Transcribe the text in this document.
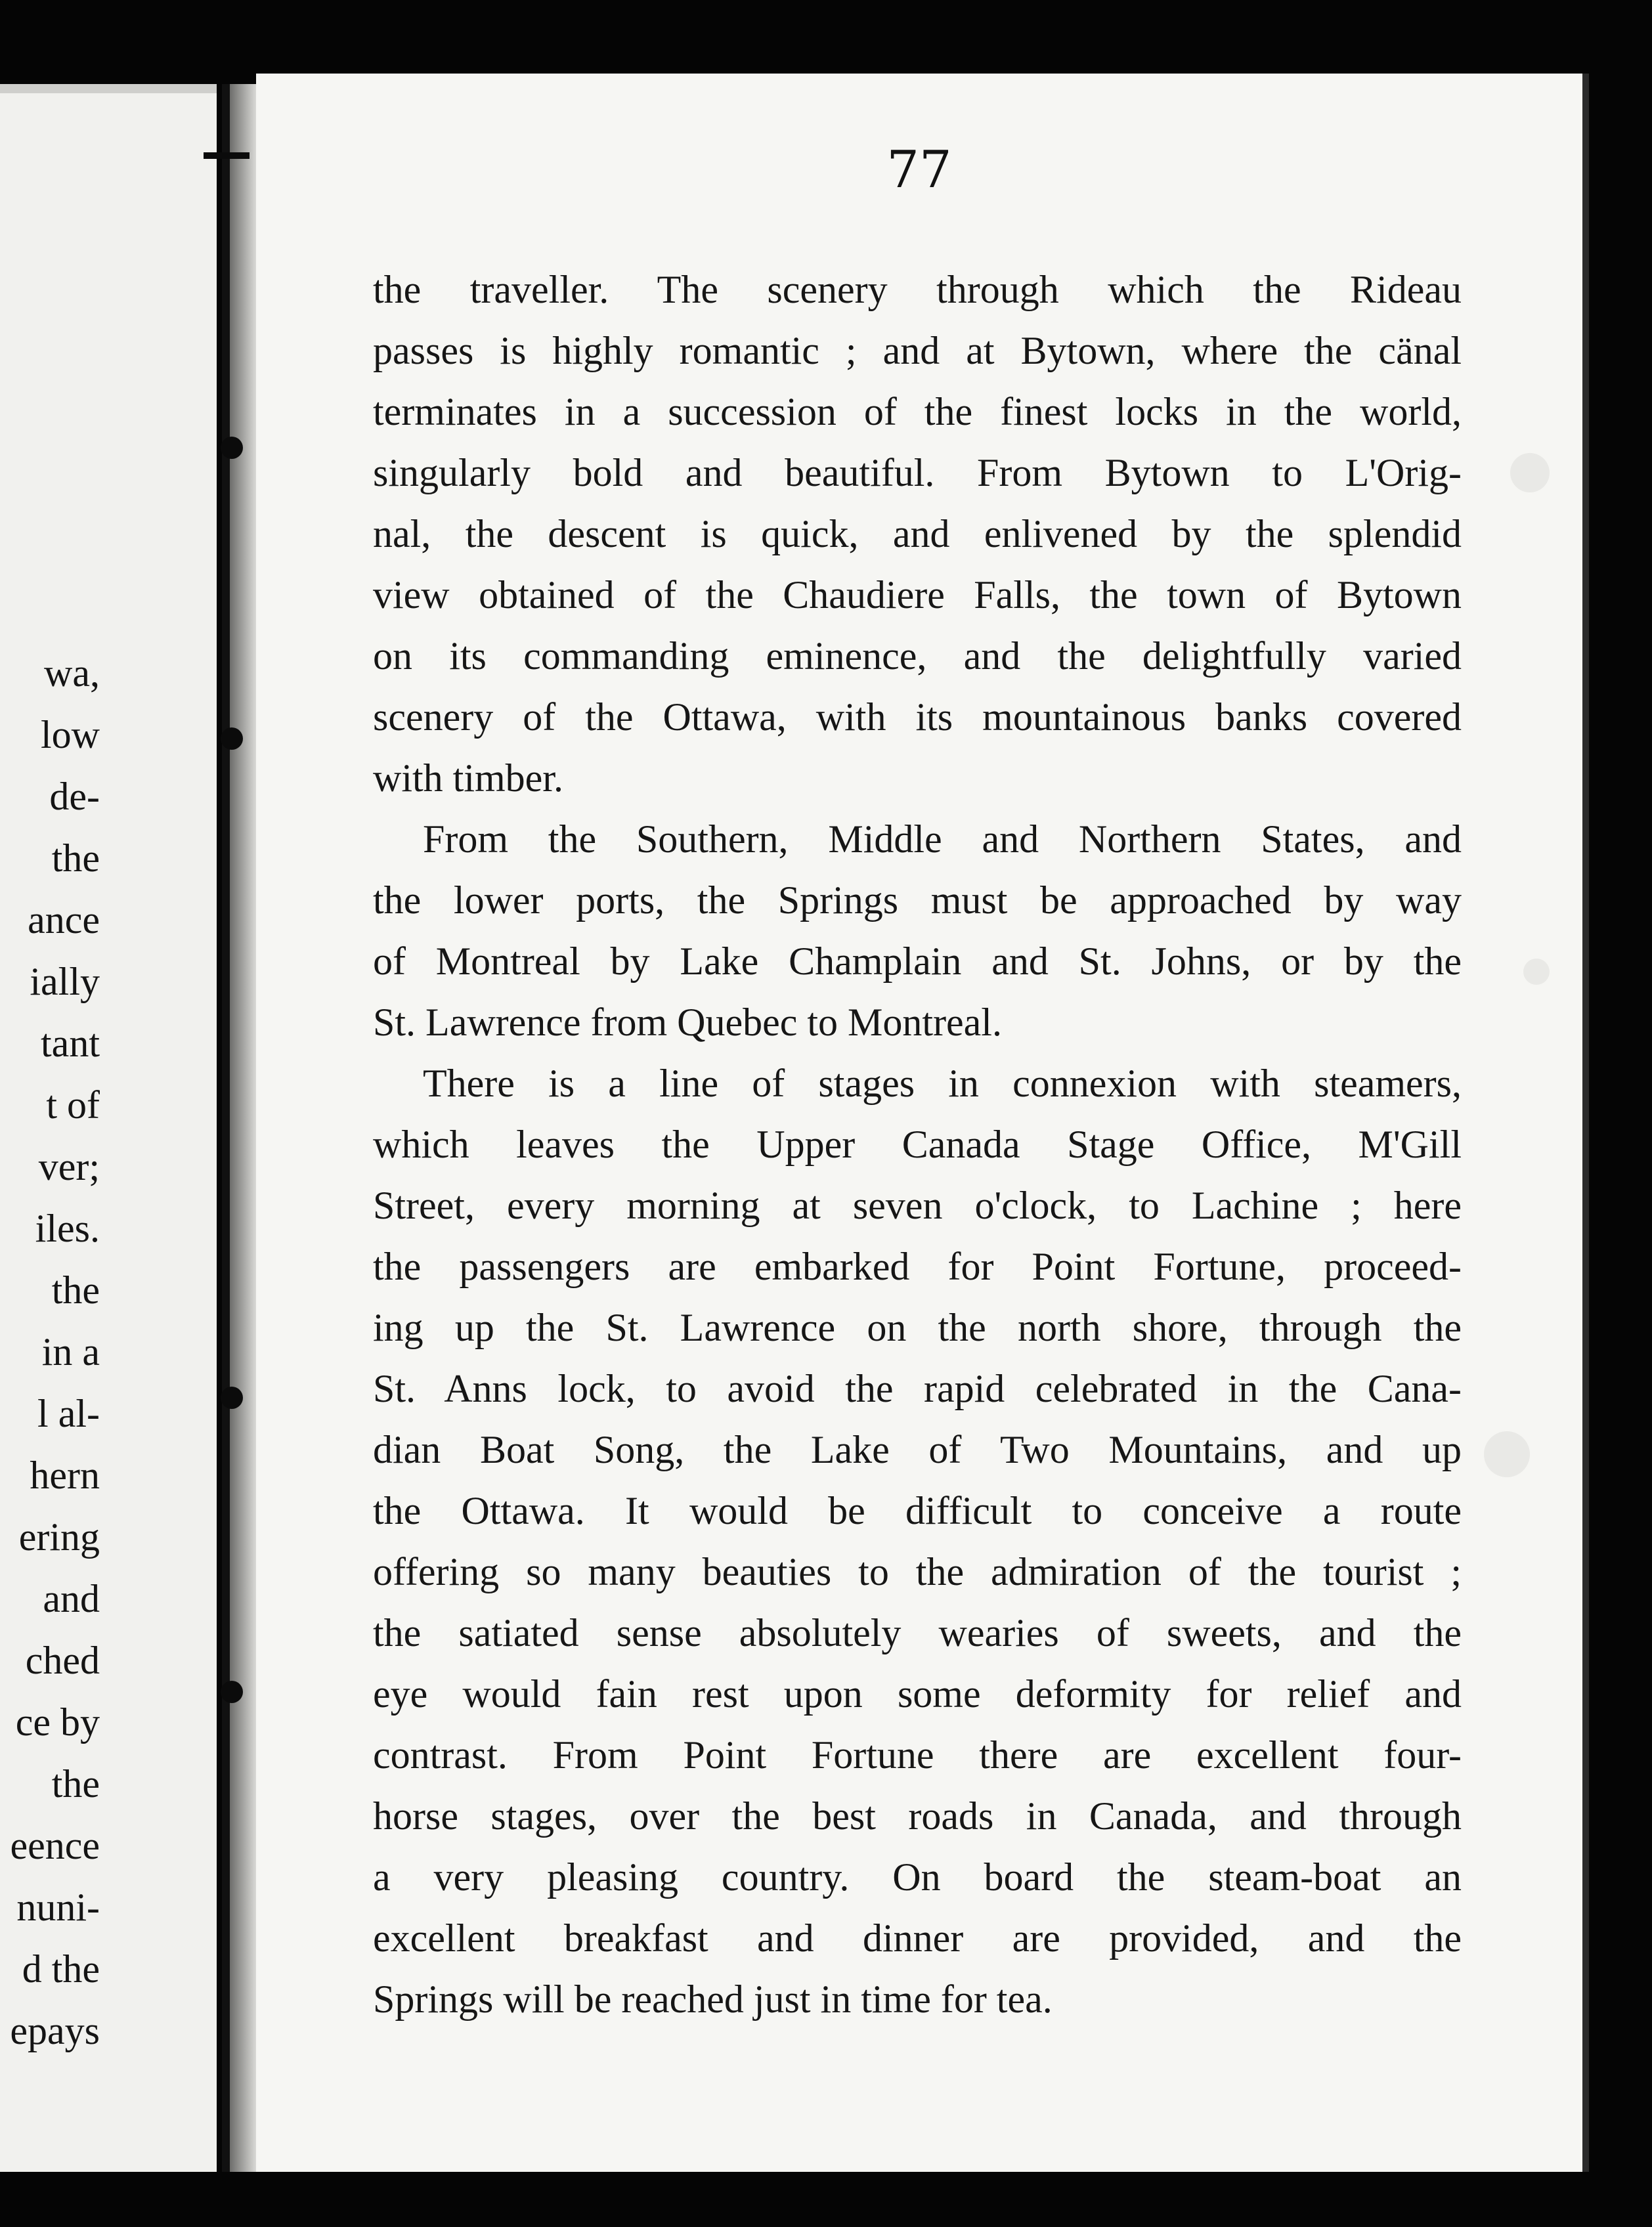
wa,
low
de-
the
ance
ially
tant
t of
ver;
iles.
the
in a
l al-
hern
ering
and
ched
ce by
the
eence
nuni-
d the
epays
77
the traveller. The scenery through which the Rideau
passes is highly romantic ; and at Bytown, where the cänal
terminates in a succession of the finest locks in the world,
singularly bold and beautiful. From Bytown to L'Orig-
nal, the descent is quick, and enlivened by the splendid
view obtained of the Chaudiere Falls, the town of Bytown
on its commanding eminence, and the delightfully varied
scenery of the Ottawa, with its mountainous banks covered
with timber.
From the Southern, Middle and Northern States, and
the lower ports, the Springs must be approached by way
of Montreal by Lake Champlain and St. Johns, or by the
St. Lawrence from Quebec to Montreal.
There is a line of stages in connexion with steamers,
which leaves the Upper Canada Stage Office, M'Gill
Street, every morning at seven o'clock, to Lachine ; here
the passengers are embarked for Point Fortune, proceed-
ing up the St. Lawrence on the north shore, through the
St. Anns lock, to avoid the rapid celebrated in the Cana-
dian Boat Song, the Lake of Two Mountains, and up
the Ottawa. It would be difficult to conceive a route
offering so many beauties to the admiration of the tourist ;
the satiated sense absolutely wearies of sweets, and the
eye would fain rest upon some deformity for relief and
contrast. From Point Fortune there are excellent four-
horse stages, over the best roads in Canada, and through
a very pleasing country. On board the steam-boat an
excellent breakfast and dinner are provided, and the
Springs will be reached just in time for tea.
